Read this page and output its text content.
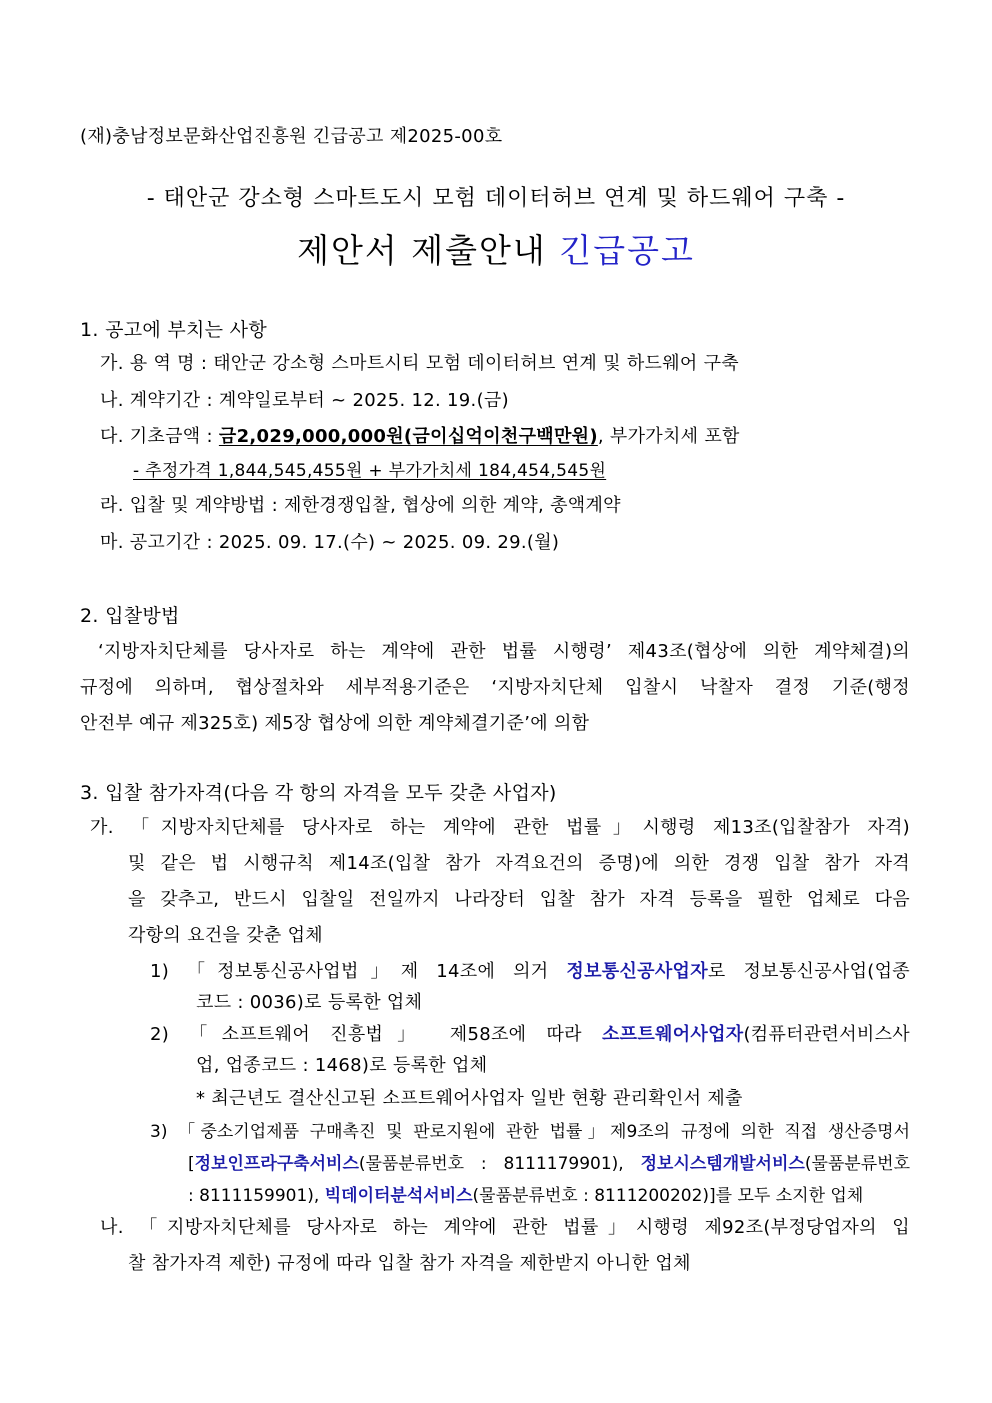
(재)충남정보문화산업진흥원 긴급공고 제2025-00호
- 태안군 강소형 스마트도시 모험 데이터허브 연계 및 하드웨어 구축 -
제안서 제출안내 긴급공고
1. 공고에 부치는 사항
가. 용 역 명 : 태안군 강소형 스마트시티 모험 데이터허브 연계 및 하드웨어 구축
나. 계약기간 : 계약일로부터 ~ 2025. 12. 19.(금)
다. 기초금액 : 금2,029,000,000원(금이십억이천구백만원), 부가가치세 포함
- 추정가격 1,844,545,455원 + 부가가치세 184,454,545원
라. 입찰 및 계약방법 : 제한경쟁입찰, 협상에 의한 계약, 총액계약
마. 공고기간 : 2025. 09. 17.(수) ~ 2025. 09. 29.(월)
2. 입찰방법
‘지방자치단체를 당사자로 하는 계약에 관한 법률 시행령’ 제43조(협상에 의한 계약체결)의
규정에 의하며, 협상절차와 세부적용기준은 ‘지방자치단체 입찰시 낙찰자 결정 기준(행정
안전부 예규 제325호) 제5장 협상에 의한 계약체결기준’에 의함
3. 입찰 참가자격(다음 각 항의 자격을 모두 갖춘 사업자)
가. 「지방자치단체를 당사자로 하는 계약에 관한 법률」시행령 제13조(입찰참가 자격)
및 같은 법 시행규칙 제14조(입찰 참가 자격요건의 증명)에 의한 경쟁 입찰 참가 자격
을 갖추고, 반드시 입찰일 전일까지 나라장터 입찰 참가 자격 등록을 필한 업체로 다음
각항의 요건을 갖춘 업체
1) 「정보통신공사업법」제 14조에 의거 정보통신공사업자로 정보통신공사업(업종
코드 : 0036)로 등록한 업체
2) 「소프트웨어 진흥법」 제58조에 따라 소프트웨어사업자(컴퓨터관련서비스사
업, 업종코드 : 1468)로 등록한 업체
* 최근년도 결산신고된 소프트웨어사업자 일반 현황 관리확인서 제출
3) 「중소기업제품 구매촉진 및 판로지원에 관한 법률」제9조의 규정에 의한 직접 생산증명서
[정보인프라구축서비스(물품분류번호 : 8111179901), 정보시스템개발서비스(물품분류번호
: 8111159901), 빅데이터분석서비스(물품분류번호 : 8111200202)]를 모두 소지한 업체
나. 「지방자치단체를 당사자로 하는 계약에 관한 법률」시행령 제92조(부정당업자의 입
찰 참가자격 제한) 규정에 따라 입찰 참가 자격을 제한받지 아니한 업체
